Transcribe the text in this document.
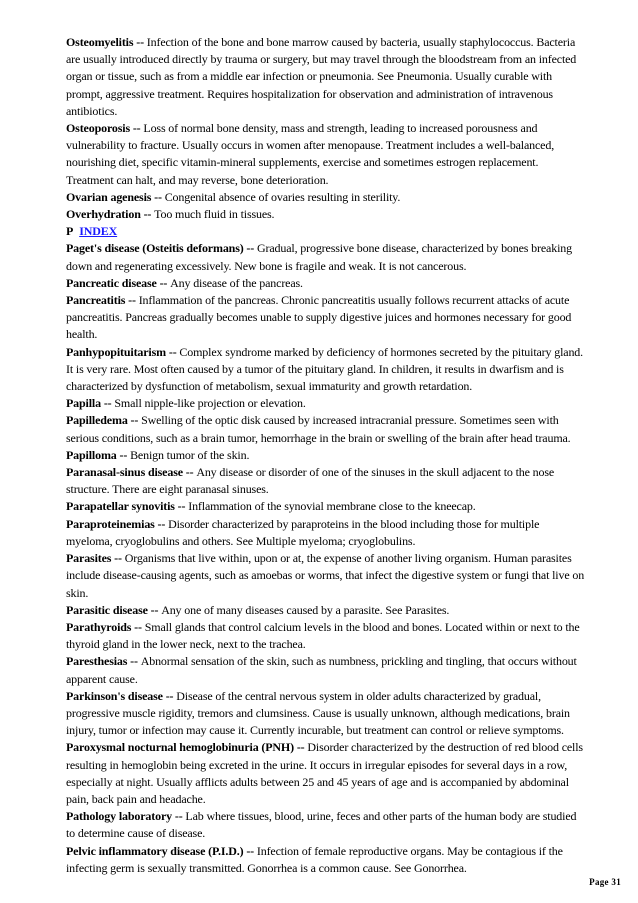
Osteomyelitis -- Infection of the bone and bone marrow caused by bacteria, usually staphylococcus. Bacteria are usually introduced directly by trauma or surgery, but may travel through the bloodstream from an infected organ or tissue, such as from a middle ear infection or pneumonia. See Pneumonia. Usually curable with prompt, aggressive treatment. Requires hospitalization for observation and administration of intravenous antibiotics.

Osteoporosis -- Loss of normal bone density, mass and strength, leading to increased porousness and vulnerability to fracture. Usually occurs in women after menopause. Treatment includes a well-balanced, nourishing diet, specific vitamin-mineral supplements, exercise and sometimes estrogen replacement. Treatment can halt, and may reverse, bone deterioration.

Ovarian agenesis -- Congenital absence of ovaries resulting in sterility.

Overhydration -- Too much fluid in tissues.

P INDEX

Paget's disease (Osteitis deformans) -- Gradual, progressive bone disease, characterized by bones breaking down and regenerating excessively. New bone is fragile and weak. It is not cancerous.

Pancreatic disease -- Any disease of the pancreas.

Pancreatitis -- Inflammation of the pancreas. Chronic pancreatitis usually follows recurrent attacks of acute pancreatitis. Pancreas gradually becomes unable to supply digestive juices and hormones necessary for good health.

Panhypopituitarism -- Complex syndrome marked by deficiency of hormones secreted by the pituitary gland. It is very rare. Most often caused by a tumor of the pituitary gland. In children, it results in dwarfism and is characterized by dysfunction of metabolism, sexual immaturity and growth retardation.

Papilla -- Small nipple-like projection or elevation.

Papilledema -- Swelling of the optic disk caused by increased intracranial pressure. Sometimes seen with serious conditions, such as a brain tumor, hemorrhage in the brain or swelling of the brain after head trauma.

Papilloma -- Benign tumor of the skin.

Paranasal-sinus disease -- Any disease or disorder of one of the sinuses in the skull adjacent to the nose structure. There are eight paranasal sinuses.

Parapatellar synovitis -- Inflammation of the synovial membrane close to the kneecap.

Paraproteinemias -- Disorder characterized by paraproteins in the blood including those for multiple myeloma, cryoglobulins and others. See Multiple myeloma; cryoglobulins.

Parasites -- Organisms that live within, upon or at, the expense of another living organism. Human parasites include disease-causing agents, such as amoebas or worms, that infect the digestive system or fungi that live on skin.

Parasitic disease -- Any one of many diseases caused by a parasite. See Parasites.

Parathyroids -- Small glands that control calcium levels in the blood and bones. Located within or next to the thyroid gland in the lower neck, next to the trachea.

Paresthesias -- Abnormal sensation of the skin, such as numbness, prickling and tingling, that occurs without apparent cause.

Parkinson's disease -- Disease of the central nervous system in older adults characterized by gradual, progressive muscle rigidity, tremors and clumsiness. Cause is usually unknown, although medications, brain injury, tumor or infection may cause it. Currently incurable, but treatment can control or relieve symptoms.

Paroxysmal nocturnal hemoglobinuria (PNH) -- Disorder characterized by the destruction of red blood cells resulting in hemoglobin being excreted in the urine. It occurs in irregular episodes for several days in a row, especially at night. Usually afflicts adults between 25 and 45 years of age and is accompanied by abdominal pain, back pain and headache.

Pathology laboratory -- Lab where tissues, blood, urine, feces and other parts of the human body are studied to determine cause of disease.

Pelvic inflammatory disease (P.I.D.) -- Infection of female reproductive organs. May be contagious if the infecting germ is sexually transmitted. Gonorrhea is a common cause. See Gonorrhea.

Page 31
